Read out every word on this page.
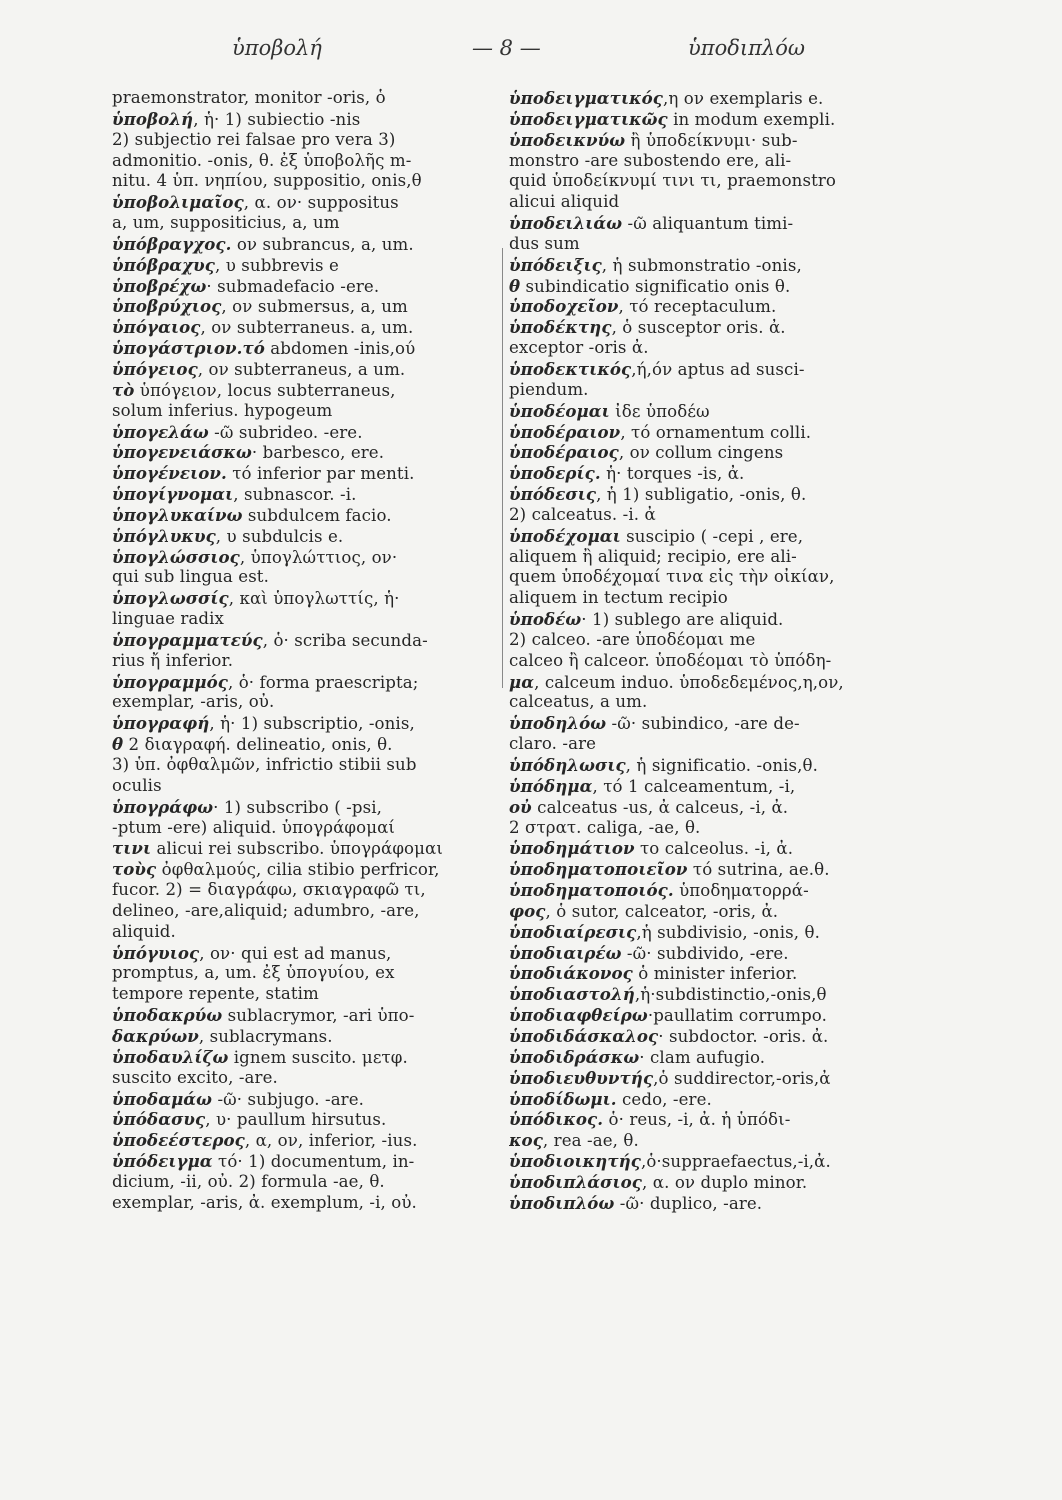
ὑποβολή	— 8 —	ὑποδιπλόω
praemonstrator, monitor -oris, ὁ
ὑποβολή, ἡ· 1) subiectio -nis
2) subjectio rei falsae pro vera 3)
admonitio. -onis, θ. ἐξ ὑποβολῆς m-
nitu. 4 ὑπ. νηπίου, suppositio, onis,θ
ὑποβολιμαῖος, α. ον· suppositus
a, um, suppositicius, a, um
ὑπόβραγχος. ον subrancus, a, um.
ὑπόβραχυς, υ subbrevis e
ὑποβρέχω· submadefacio -ere.
ὑποβρύχιος, ον submersus, a, um
ὑπόγαιος, ον subterraneus. a, um.
ὑπογάστριον.τό abdomen -inis,ού
ὑπόγειος, ον subterraneus, a um.
τὸ ὑπόγειον, locus subterraneus,
solum inferius. hypogeum
ὑπογελάω -ῶ subrideo. -ere.
ὑπογενειάσκω· barbesco, ere.
ὑπογένειον. τό inferior par menti.
ὑπογίγνομαι, subnascor. -i.
ὑπογλυκαίνω subdulcem facio.
ὑπόγλυκυς, υ subdulcis e.
ὑπογλώσσιος, ὑπογλώττιος, ον·
qui sub lingua est.
ὑπογλωσσίς, καὶ ὑπογλωττίς, ἡ·
linguae radix
ὑπογραμματεύς, ὁ· scriba secunda-
rius ἤ inferior.
ὑπογραμμός, ὁ· forma praescripta;
exemplar, -aris, οὐ.
ὑπογραφή, ἡ· 1) subscriptio, -onis,
θ 2 διαγραφή. delineatio, onis, θ.
3) ὑπ. ὀφθαλμῶν, infrictio stibii sub
oculis
ὑπογράφω· 1) subscribo ( -psi,
-ptum -ere) aliquid. ὑπογράφομαί
τινι alicui rei subscribo. ὑπογράφομαι
τοὺς ὀφθαλμούς, cilia stibio perfricor,
fucor. 2) = διαγράφω, σκιαγραφῶ τι,
delineo, -are,aliquid; adumbro, -are,
aliquid.
ὑπόγυιος, ον· qui est ad manus,
promptus, a, um. ἐξ ὑπογυίου, ex
tempore repente, statim
ὑποδακρύω sublacrymor, -ari ὑπο-
δακρύων, sublacrymans.
ὑποδαυλίζω ignem suscito. μετφ.
suscito excito, -are.
ὑποδαμάω -ῶ· subjugo. -are.
ὑπόδασυς, υ· paullum hirsutus.
ὑποδεέστερος, α, ον, inferior, -ius.
ὑπόδειγμα τό· 1) documentum, in-
dicium, -ii, οὐ. 2) formula -ae, θ.
exemplar, -aris, ἀ. exemplum, -i, οὐ.
ὑποδειγματικός,η ον exemplaris e.
ὑποδειγματικῶς in modum exempli.
ὑποδεικνύω ἢ ὑποδείκνυμι· sub-
monstro -are subostendo ere, ali-
quid ὑποδείκνυμί τινι τι, praemonstro
alicui aliquid
ὑποδειλιάω -ῶ aliquantum timi-
dus sum
ὑπόδειξις, ἡ submonstratio -onis,
θ subindicatio significatio onis θ.
ὑποδοχεῖον, τό receptaculum.
ὑποδέκτης, ὁ susceptor oris. ἀ.
exceptor -oris ἀ.
ὑποδεκτικός,ή,όν aptus ad susci-
piendum.
ὑποδέομαι ἰδε ὑποδέω
ὑποδέραιον, τό ornamentum colli.
ὑποδέραιος, ον collum cingens
ὑποδερίς. ἡ· torques -is, ἀ.
ὑπόδεσις, ἡ 1) subligatio, -onis, θ.
2) calceatus. -i. ἀ
ὑποδέχομαι suscipio ( -cepi , ere,
aliquem ἢ aliquid; recipio, ere ali-
quem ὑποδέχομαί τινα εἰς τὴν οἰκίαν,
aliquem in tectum recipio
ὑποδέω· 1) sublego are aliquid.
2) calceo. -are ὑποδέομαι me
calceo ἢ calceor. ὑποδέομαι τὸ ὑπόδη-
μα, calceum induo. ὑποδεδεμένος,η,ον,
calceatus, a um.
ὑποδηλόω -ῶ· subindico, -are de-
claro. -are
ὑπόδηλωσις, ἡ significatio. -onis,θ.
ὑπόδημα, τό 1 calceamentum, -i,
οὐ calceatus -us, ἀ calceus, -i, ἀ.
2 στρατ. caliga, -ae, θ.
ὑποδημάτιον το calceolus. -i, ἀ.
ὑποδηματοποιεῖον τό sutrina, ae.θ.
ὑποδηματοποιός. ὑποδηματορρά-
φος, ὁ sutor, calceator, -oris, ἀ.
ὑποδιαίρεσις,ἡ subdivisio, -onis, θ.
ὑποδιαιρέω -ῶ· subdivido, -ere.
ὑποδιάκονος ὁ minister inferior.
ὑποδιαστολή,ἡ·subdistinctio,-onis,θ
ὑποδιαφθείρω·paullatim corrumpo.
ὑποδιδάσκαλος· subdoctor. -oris. ἀ.
ὑποδιδράσκω· clam aufugio.
ὑποδιευθυντής,ὁ suddirector,-oris,ἀ
ὑποδίδωμι. cedo, -ere.
ὑπόδικος. ὁ· reus, -i, ἀ. ἡ ὑπόδι-
κος, rea -ae, θ.
ὑποδιοικητής,ὁ·suppraefaectus,-i,ἀ.
ὑποδιπλάσιος, α. ον duplo minor.
ὑποδιπλόω -ῶ· duplico, -are.
